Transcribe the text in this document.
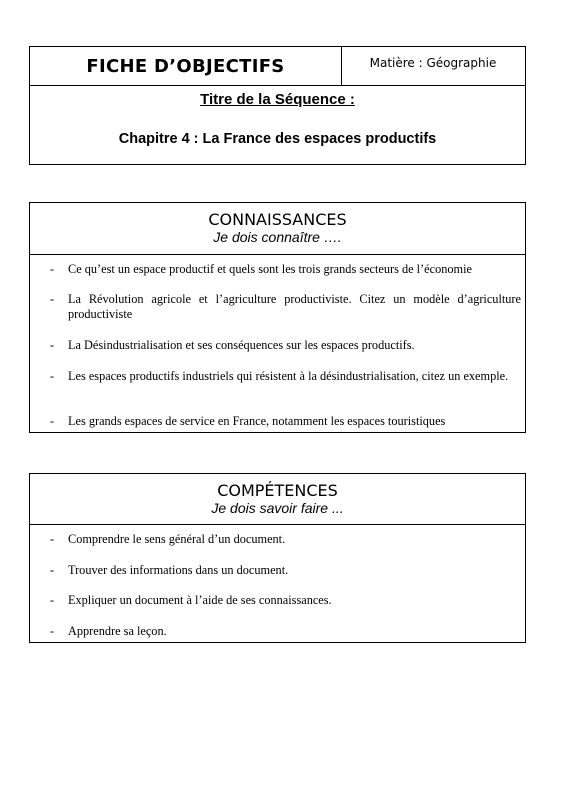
FICHE D’OBJECTIFS	Matière : Géographie
Titre de la Séquence :
Chapitre 4 : La France des espaces productifs
CONNAISSANCES
Je dois connaître ….
- Ce qu’est un espace productif et quels sont les trois grands secteurs de l’économie
- La Révolution agricole et l’agriculture productiviste. Citez un modèle d’agriculture productiviste
- La Désindustrialisation et ses conséquences sur les espaces productifs.
- Les espaces productifs industriels qui résistent à la désindustrialisation, citez un exemple.
- Les grands espaces de service en France, notamment les espaces touristiques
COMPÉTENCES
Je dois savoir faire ...
- Comprendre le sens général d’un document.
- Trouver des informations dans un document.
- Expliquer un document à l’aide de ses connaissances.
- Apprendre sa leçon.
